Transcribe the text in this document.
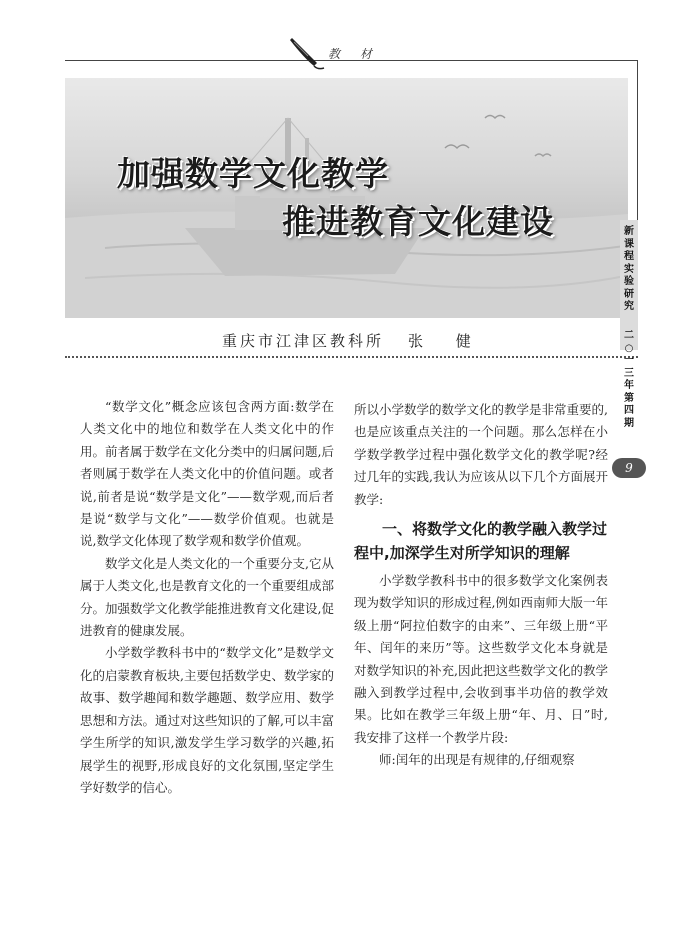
教 材
加强数学文化教学
推进教育文化建设
重庆市江津区教科所 张 健
新
课
程
实
验
研
究
二
○
一
三
年
第
四
期
9

“数学文化”概念应该包含两方面:数学在人类文化中的地位和数学在人类文化中的作用。前者属于数学在文化分类中的归属问题,后者则属于数学在人类文化中的价值问题。或者说,前者是说“数学是文化”——数学观,而后者是说“数学与文化”——数学价值观。也就是说,数学文化体现了数学观和数学价值观。

数学文化是人类文化的一个重要分支,它从属于人类文化,也是教育文化的一个重要组成部分。加强数学文化教学能推进教育文化建设,促进教育的健康发展。

小学数学教科书中的“数学文化”是数学文化的启蒙教育板块,主要包括数学史、数学家的故事、数学趣闻和数学趣题、数学应用、数学思想和方法。通过对这些知识的了解,可以丰富学生所学的知识,激发学生学习数学的兴趣,拓展学生的视野,形成良好的文化氛围,坚定学生学好数学的信心。

所以小学数学的数学文化的教学是非常重要的,也是应该重点关注的一个问题。那么怎样在小学数学教学过程中强化数学文化的教学呢?经过几年的实践,我认为应该从以下几个方面展开教学:

一、将数学文化的教学融入教学过程中,加深学生对所学知识的理解

小学数学教科书中的很多数学文化案例表现为数学知识的形成过程,例如西南师大版一年级上册“阿拉伯数字的由来”、三年级上册“平年、闰年的来历”等。这些数学文化本身就是对数学知识的补充,因此把这些数学文化的教学融入到教学过程中,会收到事半功倍的教学效果。比如在教学三年级上册“年、月、日”时,我安排了这样一个教学片段:

师:闰年的出现是有规律的,仔细观察
